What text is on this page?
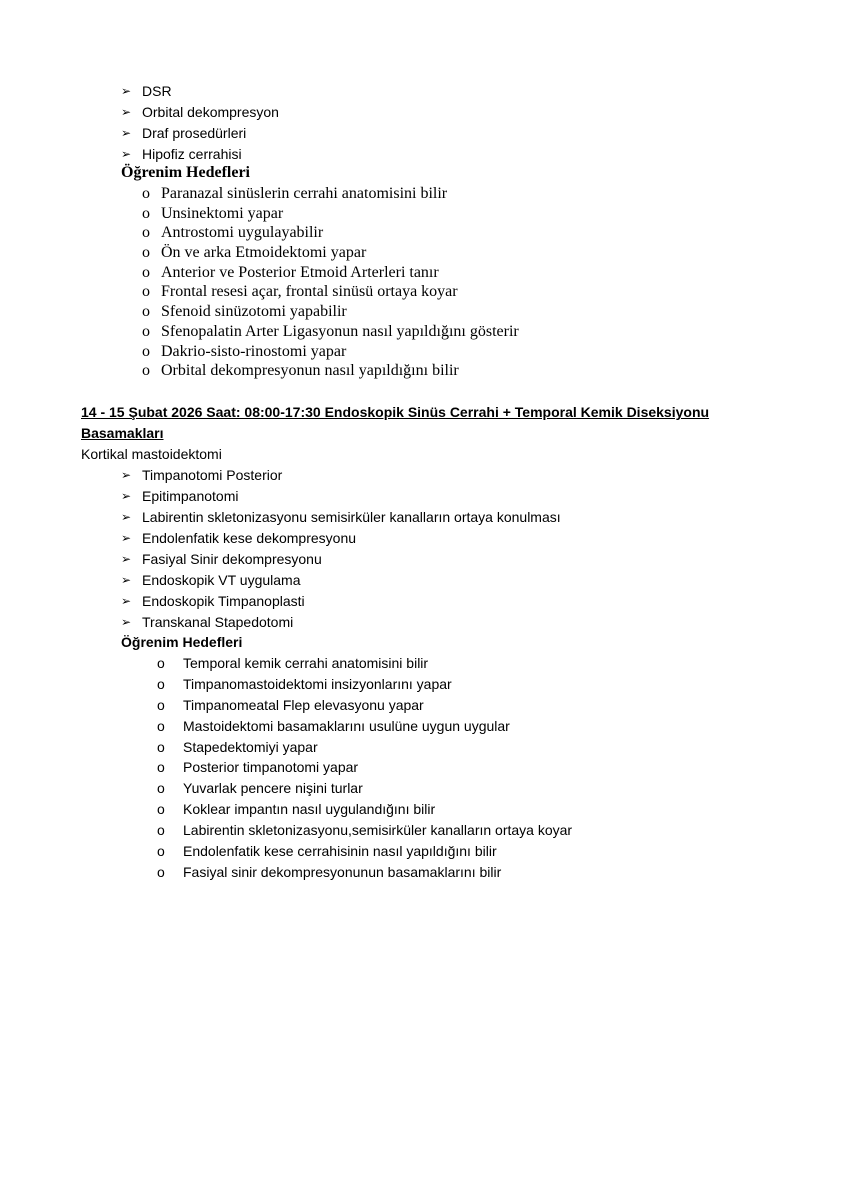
➢ DSR
➢ Orbital dekompresyon
➢ Draf prosedürleri
➢ Hipofiz cerrahisi
Öğrenim Hedefleri
o Paranazal sinüslerin cerrahi anatomisini bilir
o Unsinektomi yapar
o Antrostomi uygulayabilir
o Ön ve arka Etmoidektomi yapar
o Anterior ve Posterior Etmoid Arterleri tanır
o Frontal resesi açar, frontal sinüsü ortaya koyar
o Sfenoid sinüzotomi yapabilir
o Sfenopalatin Arter Ligasyonun nasıl yapıldığını gösterir
o Dakrio-sisto-rinostomi yapar
o Orbital dekompresyonun nasıl yapıldığını bilir
14 - 15 Şubat 2026 Saat: 08:00-17:30 Endoskopik Sinüs Cerrahi + Temporal Kemik Diseksiyonu Basamakları
Kortikal mastoidektomi
➢ Timpanotomi Posterior
➢ Epitimpanotomi
➢ Labirentin skletonizasyonu semisirküler kanalların ortaya konulması
➢ Endolenfatik kese dekompresyonu
➢ Fasiyal Sinir dekompresyonu
➢ Endoskopik VT uygulama
➢ Endoskopik Timpanoplasti
➢ Transkanal Stapedotomi
Öğrenim Hedefleri
o Temporal kemik cerrahi anatomisini bilir
o Timpanomastoidektomi insizyonlarını yapar
o Timpanomeatal Flep elevasyonu yapar
o Mastoidektomi basamaklarını usulüne uygun uygular
o Stapedektomiyi yapar
o Posterior timpanotomi yapar
o Yuvarlak pencere nişini turlar
o Koklear impantın nasıl uygulandığını bilir
o Labirentin skletonizasyonu,semisirküler kanalların ortaya koyar
o Endolenfatik kese cerrahisinin nasıl yapıldığını bilir
o Fasiyal sinir dekompresyonunun basamaklarını bilir
